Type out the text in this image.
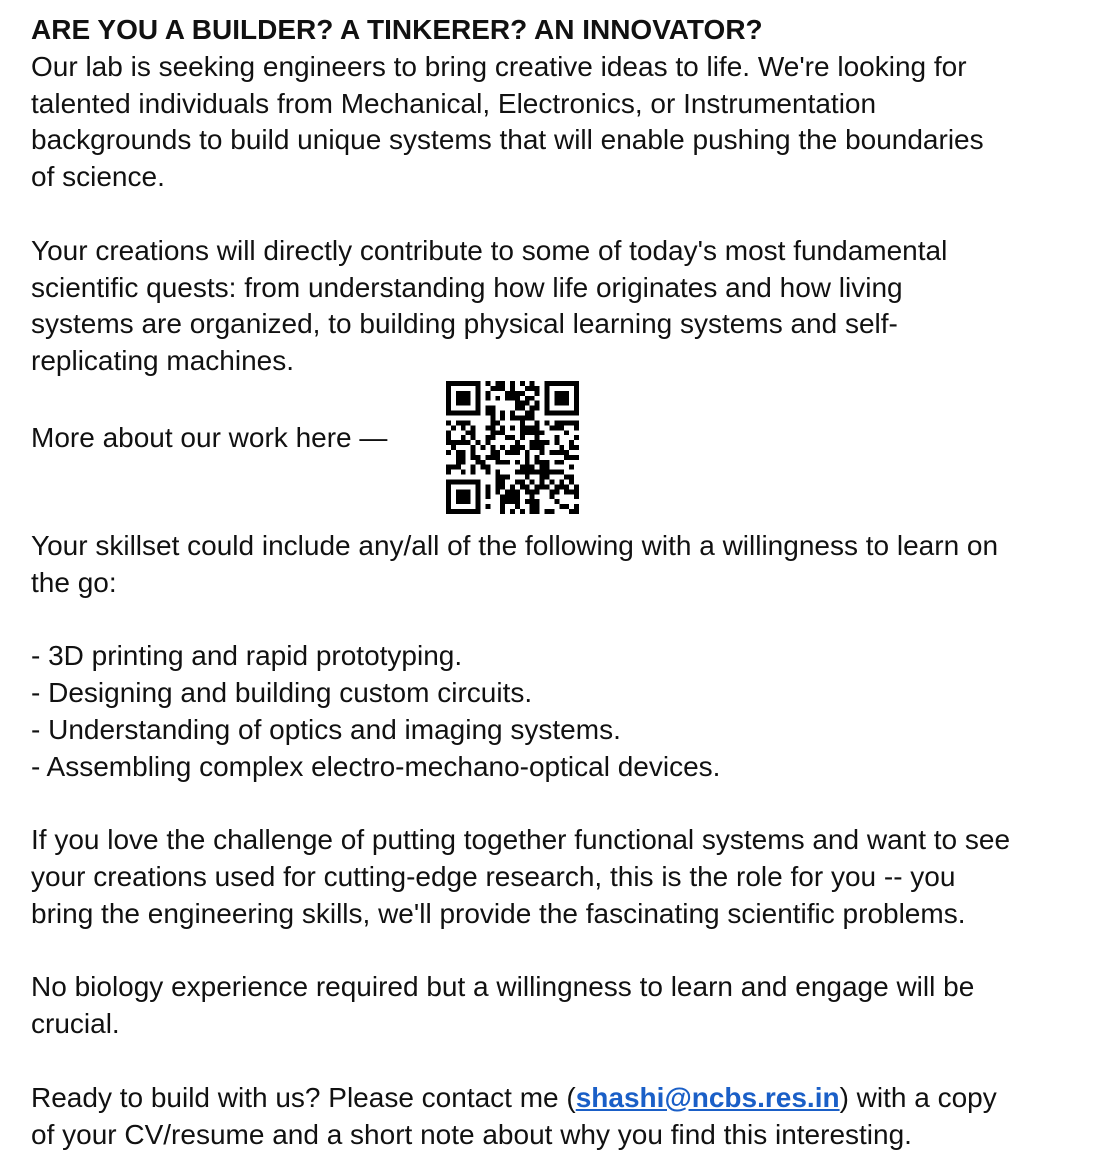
ARE YOU A BUILDER? A TINKERER? AN INNOVATOR?
Our lab is seeking engineers to bring creative ideas to life. We're looking for
talented individuals from Mechanical, Electronics, or Instrumentation
backgrounds to build unique systems that will enable pushing the boundaries
of science.
Your creations will directly contribute to some of today's most fundamental
scientific quests: from understanding how life originates and how living
systems are organized, to building physical learning systems and self-
replicating machines.
More about our work here —
Your skillset could include any/all of the following with a willingness to learn on
the go:
- 3D printing and rapid prototyping.
- Designing and building custom circuits.
- Understanding of optics and imaging systems.
- Assembling complex electro-mechano-optical devices.
If you love the challenge of putting together functional systems and want to see
your creations used for cutting-edge research, this is the role for you -- you
bring the engineering skills, we'll provide the fascinating scientific problems.
No biology experience required but a willingness to learn and engage will be
crucial.
Ready to build with us? Please contact me (shashi@ncbs.res.in) with a copy
of your CV/resume and a short note about why you find this interesting.
